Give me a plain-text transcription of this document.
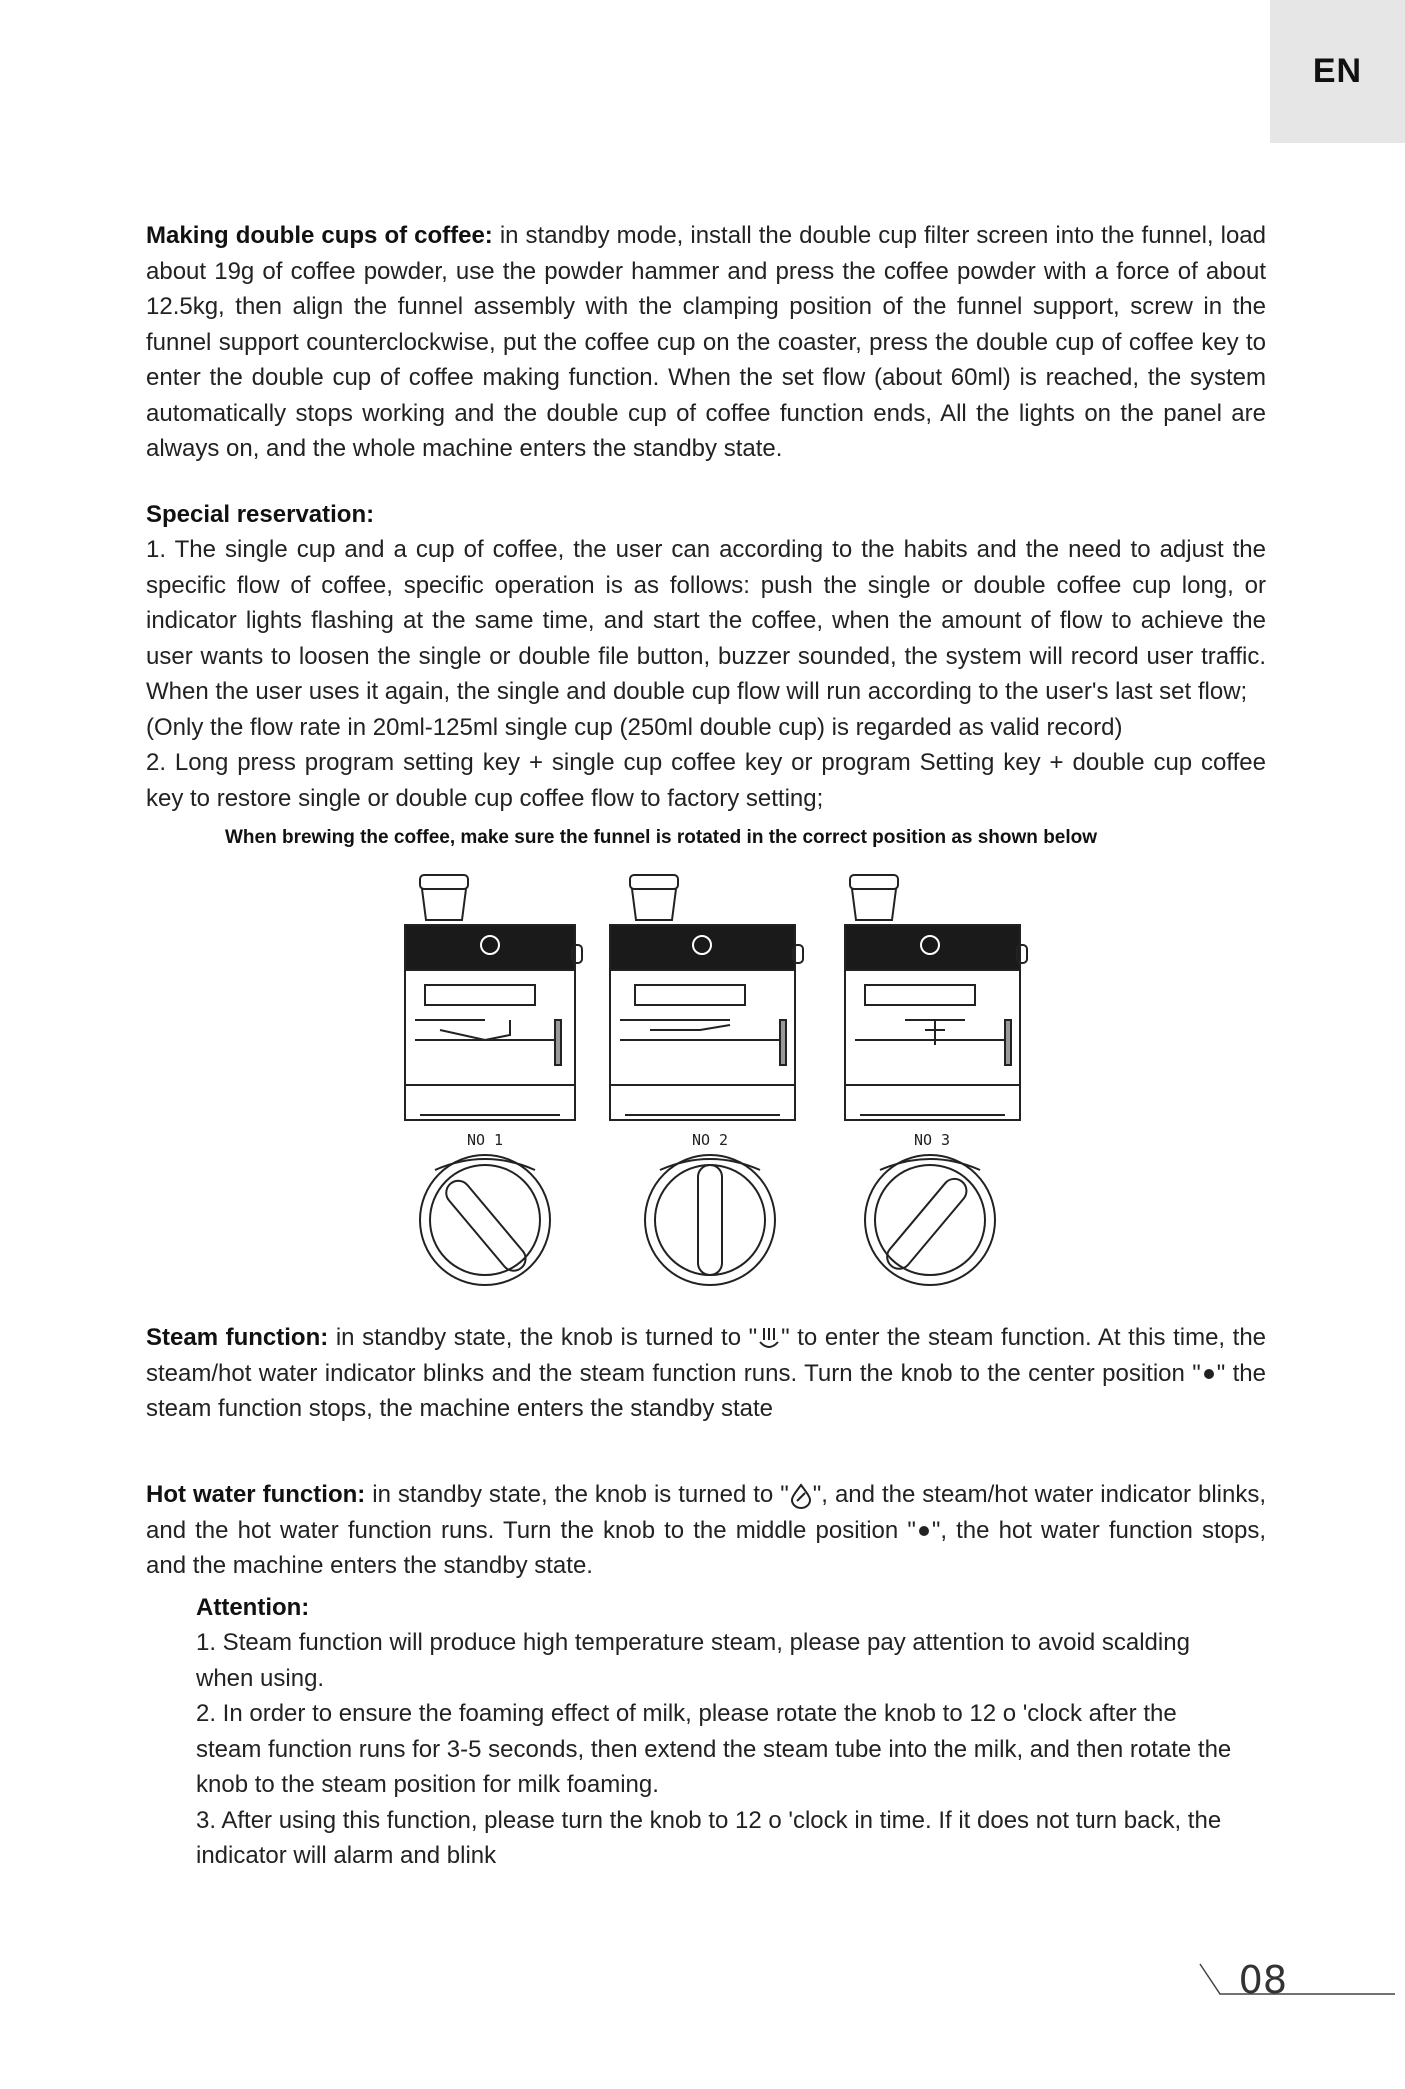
EN

Making double cups of coffee: in standby mode, install the double cup filter screen into the funnel, load about 19g of coffee powder, use the powder hammer and press the coffee powder with a force of about 12.5kg, then align the funnel assembly with the clamping position of the funnel support, screw in the funnel support counterclockwise, put the coffee cup on the coaster, press the double cup of coffee key to enter the double cup of coffee making function. When the set flow (about 60ml) is reached, the system automatically stops working and the double cup of coffee function ends, All the lights on the panel are always on, and the whole machine enters the standby state.

Special reservation:

1. The single cup and a cup of coffee, the user can according to the habits and the need to adjust the specific flow of coffee, specific operation is as follows: push the single or double coffee cup long, or indicator lights flashing at the same time, and start the coffee, when the amount of flow to achieve the user wants to loosen the single or double file button, buzzer sounded, the system will record user traffic. When the user uses it again, the single and double cup flow will run according to the user's last set flow;

(Only the flow rate in 20ml-125ml single cup (250ml double cup) is regarded as valid record)

2. Long press program setting key + single cup coffee key or program Setting key + double cup coffee key to restore single or double cup coffee flow to factory setting;

When brewing the coffee, make sure the funnel is rotated in the correct position as shown below
NO 1	NO 2	NO 3

Steam function: in standby state, the knob is turned to " " to enter the steam function. At this time, the steam/hot water indicator blinks and the steam function runs. Turn the knob to the center position " " the steam function stops, the machine enters the standby state

Hot water function: in standby state, the knob is turned to " ", and the steam/hot water indicator blinks, and the hot water function runs. Turn the knob to the middle position " ", the hot water function stops, and the machine enters the standby state.

Attention:

1. Steam function will produce high temperature steam, please pay attention to avoid scalding when using.

2. In order to ensure the foaming effect of milk, please rotate the knob to 12 o 'clock after the steam function runs for 3-5 seconds, then extend the steam tube into the milk, and then rotate the knob to the steam position for milk foaming.

3. After using this function, please turn the knob to 12 o 'clock in time. If it does not turn back, the indicator will alarm and blink

08
